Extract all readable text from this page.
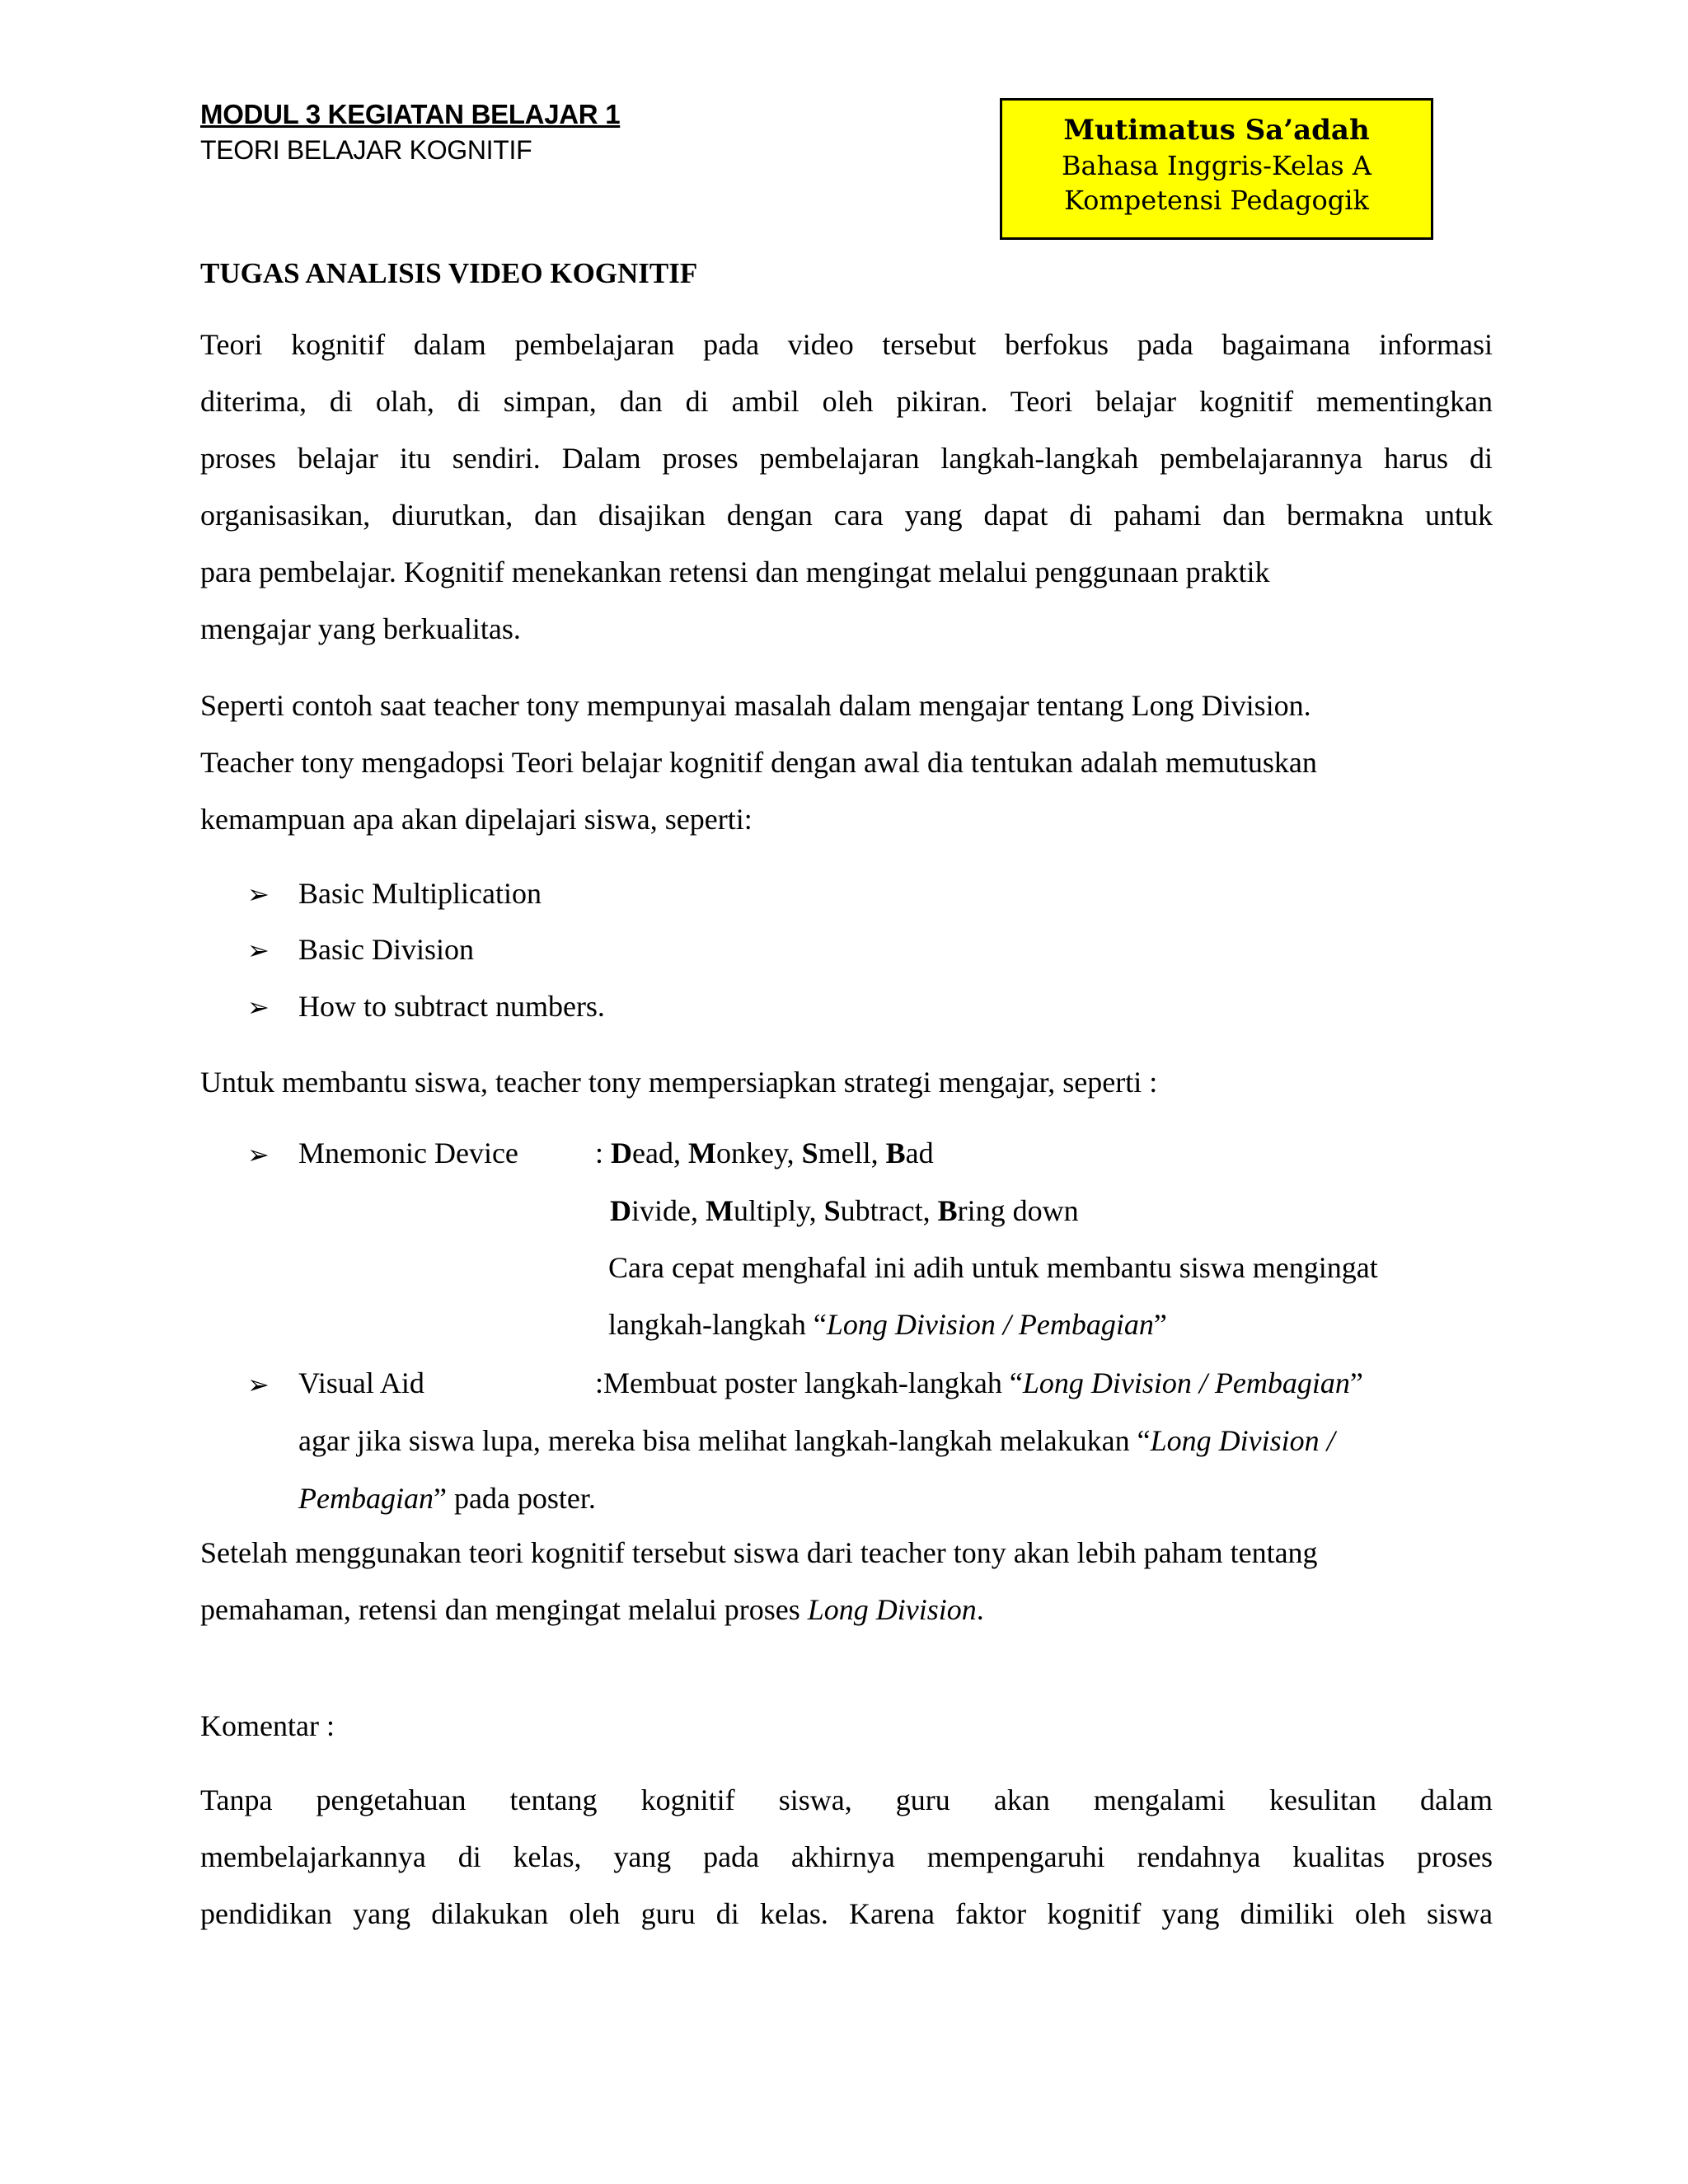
MODUL 3 KEGIATAN BELAJAR 1
TEORI BELAJAR KOGNITIF
Mutimatus Sa’adah
Bahasa Inggris-Kelas A
Kompetensi Pedagogik
TUGAS ANALISIS VIDEO KOGNITIF
Teori kognitif dalam pembelajaran pada video tersebut berfokus pada bagaimana informasi
diterima, di olah, di simpan, dan di ambil oleh pikiran. Teori belajar kognitif mementingkan
proses belajar itu sendiri. Dalam proses pembelajaran langkah-langkah pembelajarannya harus di
organisasikan, diurutkan, dan disajikan dengan cara yang dapat di pahami dan bermakna untuk
para pembelajar. Kognitif menekankan retensi dan mengingat melalui penggunaan praktik
mengajar yang berkualitas.
Seperti contoh saat teacher tony mempunyai masalah dalam mengajar tentang Long Division.
Teacher tony mengadopsi Teori belajar kognitif dengan awal dia tentukan adalah memutuskan
kemampuan apa akan dipelajari siswa, seperti:
➢ Basic Multiplication
➢ Basic Division
➢ How to subtract numbers.
Untuk membantu siswa, teacher tony mempersiapkan strategi mengajar, seperti :
➢ Mnemonic Device	: Dead, Monkey, Smell, Bad
Divide, Multiply, Subtract, Bring down
Cara cepat menghafal ini adih untuk membantu siswa mengingat
langkah-langkah “Long Division / Pembagian”
➢ Visual Aid	:Membuat poster langkah-langkah “Long Division / Pembagian”
agar jika siswa lupa, mereka bisa melihat langkah-langkah melakukan “Long Division /
Pembagian” pada poster.
Setelah menggunakan teori kognitif tersebut siswa dari teacher tony akan lebih paham tentang
pemahaman, retensi dan mengingat melalui proses Long Division.
Komentar :
Tanpa pengetahuan tentang kognitif siswa, guru akan mengalami kesulitan dalam
membelajarkannya di kelas, yang pada akhirnya mempengaruhi rendahnya kualitas proses
pendidikan yang dilakukan oleh guru di kelas. Karena faktor kognitif yang dimiliki oleh siswa
